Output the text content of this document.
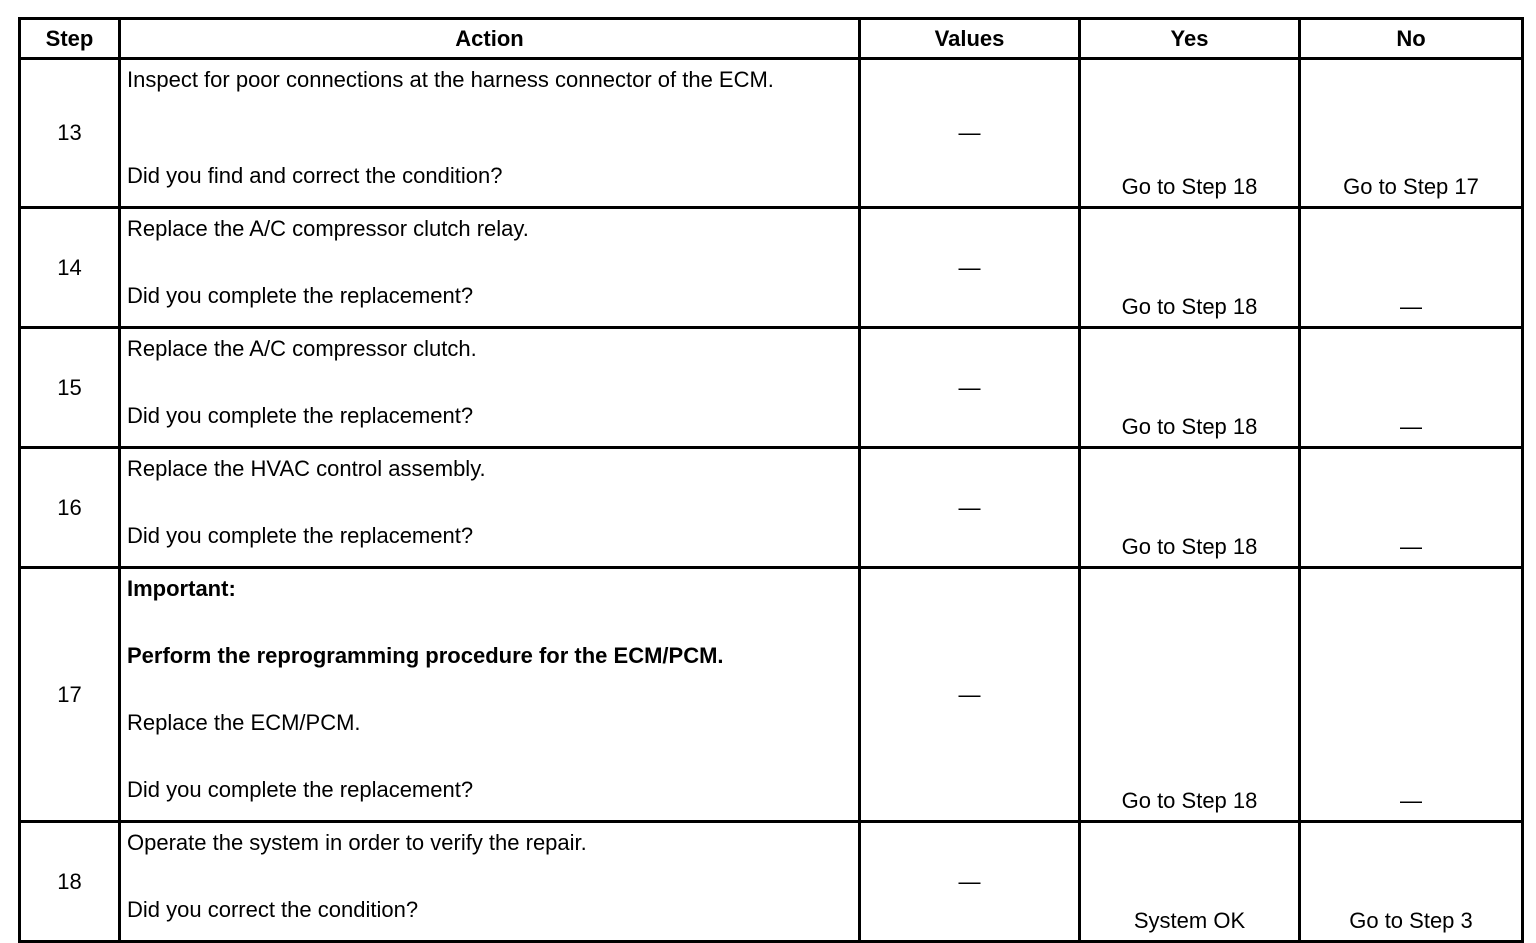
Step	Action	Values	Yes	No
13	Inspect for poor connections at the harness connector of the ECM.

Did you find and correct the condition?	—	Go to Step 18	Go to Step 17
14	Replace the A/C compressor clutch relay.

Did you complete the replacement?	—	Go to Step 18	—
15	Replace the A/C compressor clutch.

Did you complete the replacement?	—	Go to Step 18	—
16	Replace the HVAC control assembly.

Did you complete the replacement?	—	Go to Step 18	—
17	Important:

Perform the reprogramming procedure for the ECM/PCM.

Replace the ECM/PCM.

Did you complete the replacement?	—	Go to Step 18	—
18	Operate the system in order to verify the repair.

Did you correct the condition?	—	System OK	Go to Step 3
